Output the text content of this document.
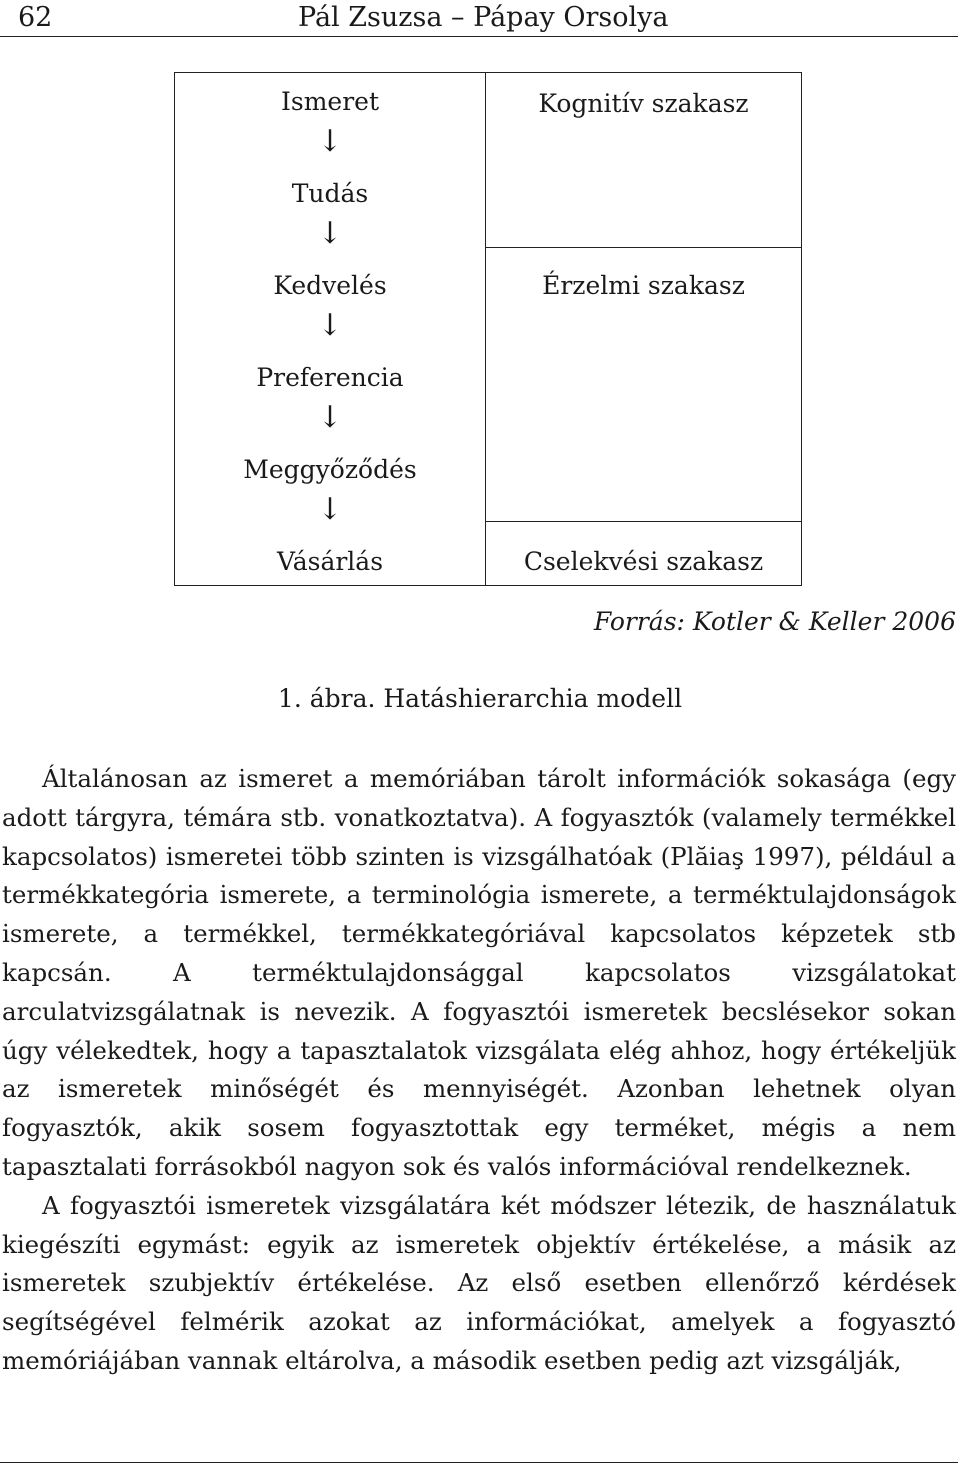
62	Pál Zsuzsa – Pápay Orsolya
Ismeret
↓
Tudás
↓
Kedvelés
↓
Preferencia
↓
Meggyőződés
↓
Vásárlás
Kognitív szakasz
Érzelmi szakasz
Cselekvési szakasz
Forrás: Kotler & Keller 2006
1. ábra. Hatáshierarchia modell

Általánosan az ismeret a memóriában tárolt információk sokasága (egy adott tárgyra, témára stb. vonatkoztatva). A fogyasztók (valamely termékkel kapcsolatos) ismeretei több szinten is vizsgálhatóak (Plăiaş 1997), például a termékkategória ismerete, a terminológia ismerete, a terméktulajdonságok ismerete, a termékkel, termékkategóriával kapcsolatos képzetek stb kapcsán. A terméktulajdonsággal kapcsolatos vizsgálatokat arculatvizsgálatnak is nevezik. A fogyasztói ismeretek becslésekor sokan úgy vélekedtek, hogy a tapasztalatok vizsgálata elég ahhoz, hogy értékeljük az ismeretek minőségét és mennyiségét. Azonban lehetnek olyan fogyasztók, akik sosem fogyasztottak egy terméket, mégis a nem tapasztalati forrásokból nagyon sok és valós információval rendelkeznek.

A fogyasztói ismeretek vizsgálatára két módszer létezik, de használatuk kiegészíti egymást: egyik az ismeretek objektív értékelése, a másik az ismeretek szubjektív értékelése. Az első esetben ellenőrző kérdések segítségével felmérik azokat az információkat, amelyek a fogyasztó memóriájában vannak eltárolva, a második esetben pedig azt vizsgálják,
